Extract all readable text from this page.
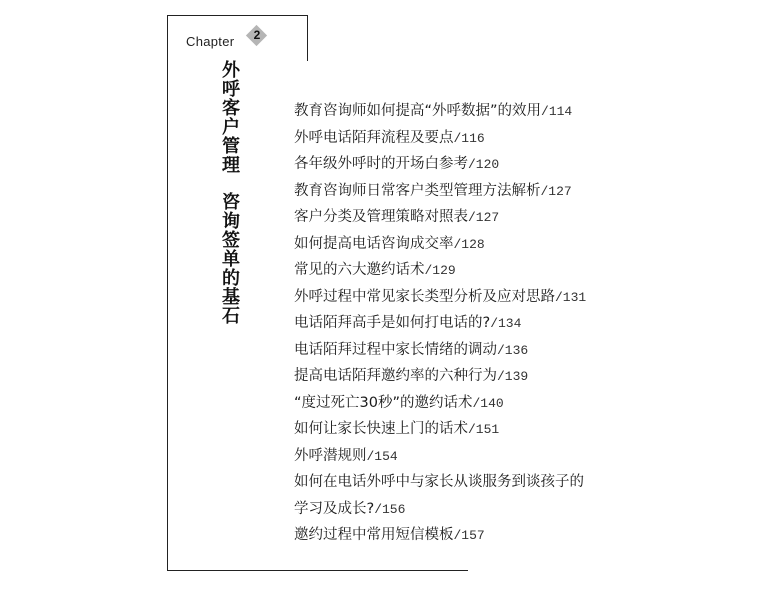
Chapter	2
外呼客户管理咨询签单的基石
教育咨询师如何提高“外呼数据”的效用/114
外呼电话陌拜流程及要点/116
各年级外呼时的开场白参考/120
教育咨询师日常客户类型管理方法解析/127
客户分类及管理策略对照表/127
如何提高电话咨询成交率/128
常见的六大邀约话术/129
外呼过程中常见家长类型分析及应对思路/131
电话陌拜高手是如何打电话的?/134
电话陌拜过程中家长情绪的调动/136
提高电话陌拜邀约率的六种行为/139
“度过死亡30秒”的邀约话术/140
如何让家长快速上门的话术/151
外呼潜规则/154
如何在电话外呼中与家长从谈服务到谈孩子的
学习及成长?/156
邀约过程中常用短信模板/157
